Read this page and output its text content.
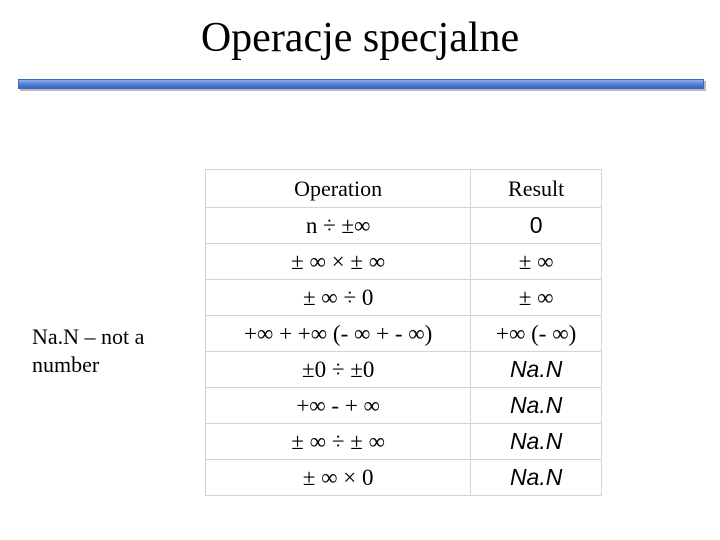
Operacje specjalne
Na.N – not a number
Operation	Result
n ÷ ±∞	0
± ∞ × ± ∞	± ∞
± ∞ ÷ 0	± ∞
+∞ + +∞ (- ∞ + - ∞)	+∞ (- ∞)
±0 ÷ ±0	Na.N
+∞ - + ∞	Na.N
± ∞ ÷ ± ∞	Na.N
± ∞ × 0	Na.N
